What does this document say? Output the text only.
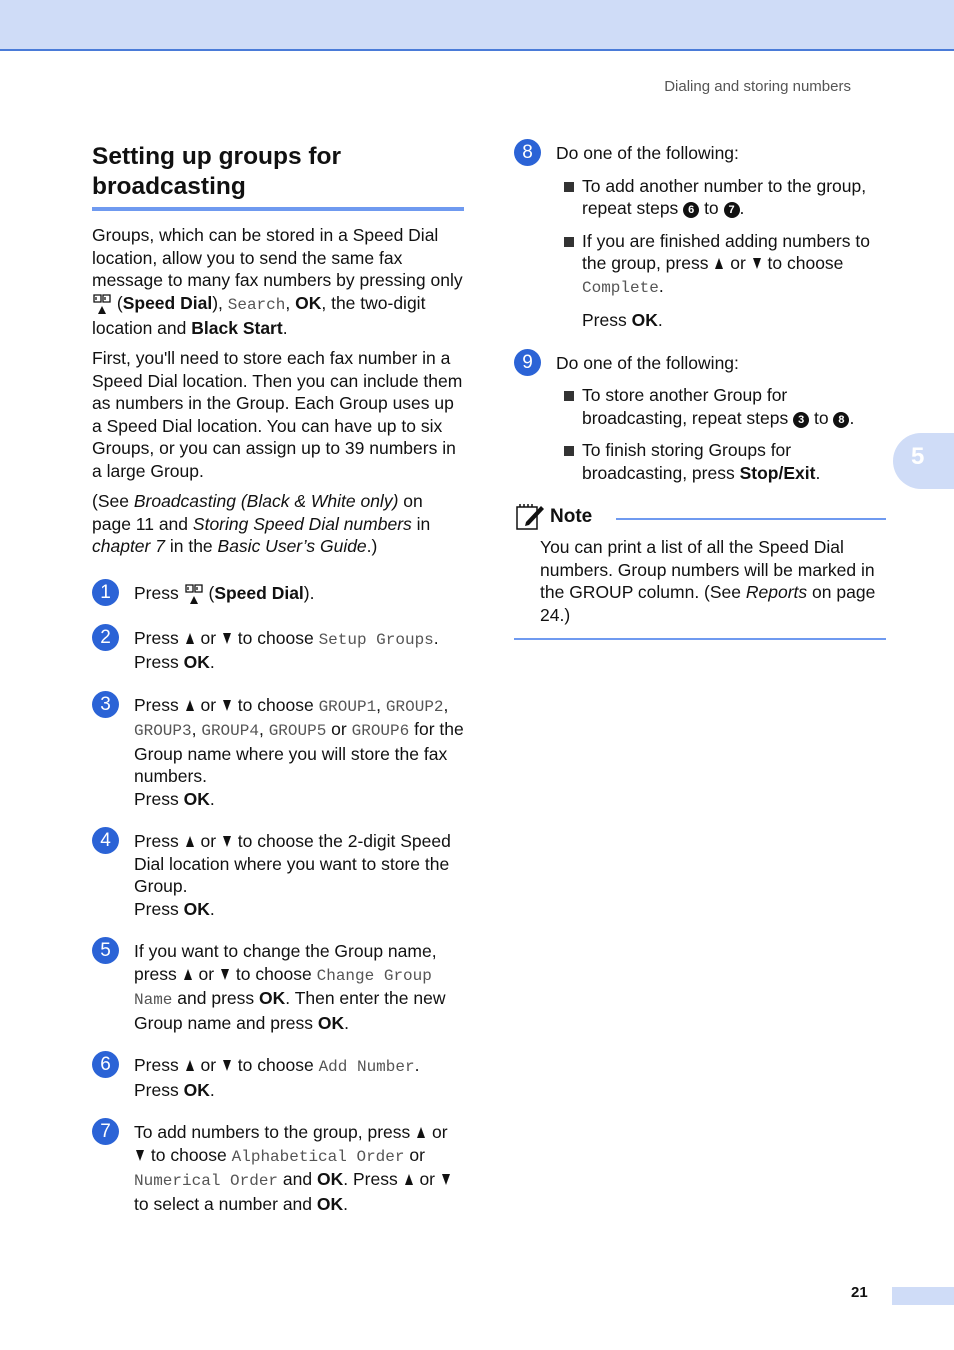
Dialing and storing numbers
Setting up groups for broadcasting

Groups, which can be stored in a Speed Dial location, allow you to send the same fax message to many fax numbers by pressing only  (Speed Dial), Search, OK, the two-digit location and Black Start.

First, you'll need to store each fax number in a Speed Dial location. Then you can include them as numbers in the Group. Each Group uses up a Speed Dial location. You can have up to six Groups, or you can assign up to 39 numbers in a large Group.

(See Broadcasting (Black & White only) on page 11 and Storing Speed Dial numbers in chapter 7 in the Basic User’s Guide.)

1	Press  (Speed Dial).
2	Press or to choose Setup Groups.
Press OK.
3	Press or to choose GROUP1, GROUP2, GROUP3, GROUP4, GROUP5 or GROUP6 for the Group name where you will store the fax numbers.
Press OK.
4	Press or to choose the 2-digit Speed Dial location where you want to store the Group.
Press OK.
5	If you want to change the Group name, press or to choose Change Group Name and press OK. Then enter the new Group name and press OK.
6	Press or to choose Add Number.
Press OK.
7	To add numbers to the group, press or  to choose Alphabetical Order or Numerical Order and OK. Press or  to select a number and OK.
8	Do one of the following:

To add another number to the group, repeat steps 6 to 7 .

If you are finished adding numbers to the group, press or to choose Complete.

Press OK.

9	Do one of the following:

To store another Group for broadcasting, repeat steps 3 to 8 .

To finish storing Groups for broadcasting, press Stop/Exit.

Note

You can print a list of all the Speed Dial numbers. Group numbers will be marked in the GROUP column. (See Reports on page 24.)

5
21
